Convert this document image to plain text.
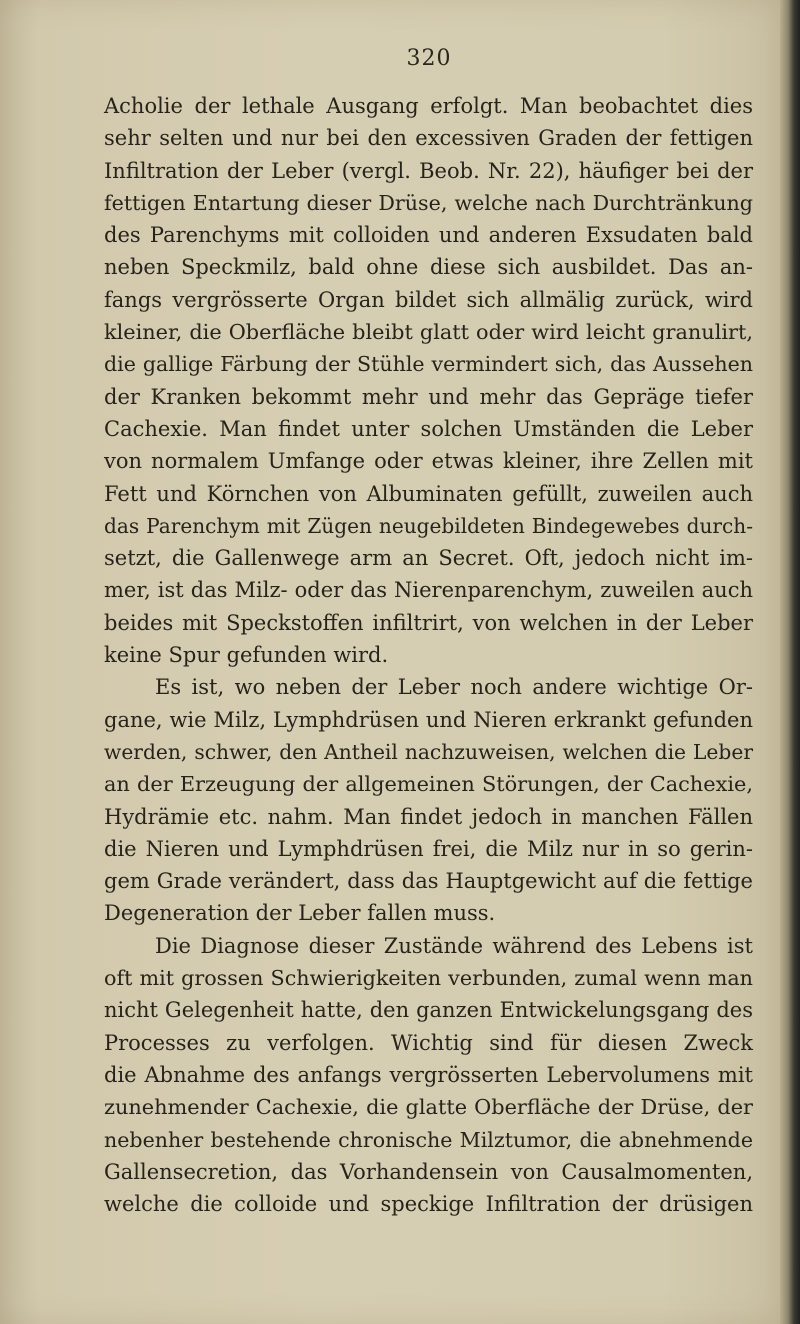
320
Acholie der lethale Ausgang erfolgt. Man beobachtet dies
sehr selten und nur bei den excessiven Graden der fettigen
Infiltration der Leber (vergl. Beob. Nr. 22), häufiger bei der
fettigen Entartung dieser Drüse, welche nach Durchtränkung
des Parenchyms mit colloiden und anderen Exsudaten bald
neben Speckmilz, bald ohne diese sich ausbildet. Das an-
fangs vergrösserte Organ bildet sich allmälig zurück, wird
kleiner, die Oberfläche bleibt glatt oder wird leicht granulirt,
die gallige Färbung der Stühle vermindert sich, das Aussehen
der Kranken bekommt mehr und mehr das Gepräge tiefer
Cachexie. Man findet unter solchen Umständen die Leber
von normalem Umfange oder etwas kleiner, ihre Zellen mit
Fett und Körnchen von Albuminaten gefüllt, zuweilen auch
das Parenchym mit Zügen neugebildeten Bindegewebes durch-
setzt, die Gallenwege arm an Secret. Oft, jedoch nicht im-
mer, ist das Milz- oder das Nierenparenchym, zuweilen auch
beides mit Speckstoffen infiltrirt, von welchen in der Leber
keine Spur gefunden wird.
Es ist, wo neben der Leber noch andere wichtige Or-
gane, wie Milz, Lymphdrüsen und Nieren erkrankt gefunden
werden, schwer, den Antheil nachzuweisen, welchen die Leber
an der Erzeugung der allgemeinen Störungen, der Cachexie,
Hydrämie etc. nahm. Man findet jedoch in manchen Fällen
die Nieren und Lymphdrüsen frei, die Milz nur in so gerin-
gem Grade verändert, dass das Hauptgewicht auf die fettige
Degeneration der Leber fallen muss.
Die Diagnose dieser Zustände während des Lebens ist
oft mit grossen Schwierigkeiten verbunden, zumal wenn man
nicht Gelegenheit hatte, den ganzen Entwickelungsgang des
Processes zu verfolgen. Wichtig sind für diesen Zweck
die Abnahme des anfangs vergrösserten Lebervolumens mit
zunehmender Cachexie, die glatte Oberfläche der Drüse, der
nebenher bestehende chronische Milztumor, die abnehmende
Gallensecretion, das Vorhandensein von Causalmomenten,
welche die colloide und speckige Infiltration der drüsigen
